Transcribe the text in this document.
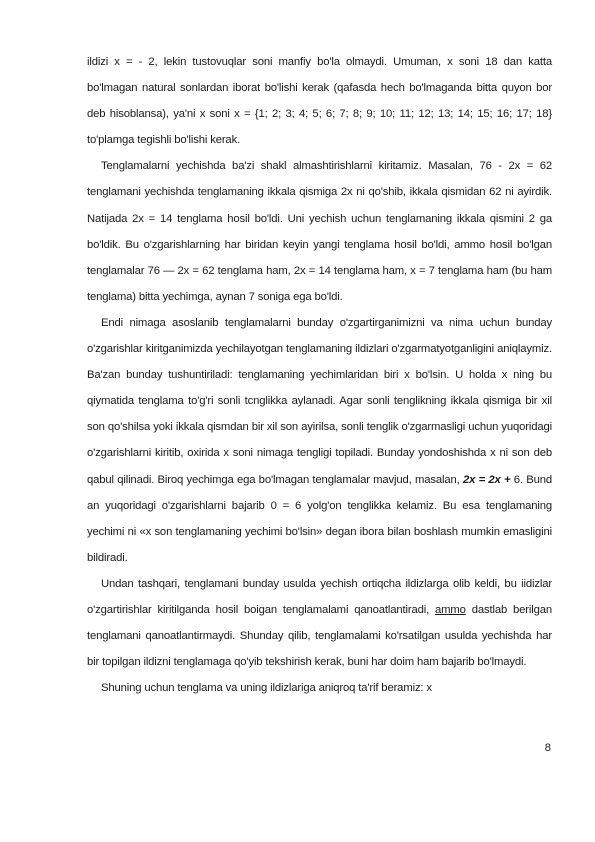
ildizi x = - 2, lekin tustovuqlar soni manfiy bo'la olmaydi. Umuman, x soni 18 dan katta bo'lmagan natural sonlardan iborat bo'lishi kerak (qafasda hech bo'lmaganda bitta quyon bor deb hisoblansa), ya'ni x soni x = {1; 2; 3; 4; 5; 6; 7; 8; 9; 10; 11; 12; 13; 14; 15; 16; 17; 18} to'plamga tegishli bo'lishi kerak.

Tenglamalarni yechishda ba'zi shakl almashtirishlarni kiritamiz. Masalan, 76 - 2x = 62 tenglamani yechishda tenglamaning ikkala qismiga 2x ni qo'shib, ikkala qismidan 62 ni ayirdik. Natijada 2x = 14 tenglama hosil bo'ldi. Uni yechish uchun tenglamaning ikkala qismini 2 ga bo'ldik. Bu o'zgarishlarning har biridan keyin yangi tenglama hosil bo'ldi, ammo hosil bo'lgan tenglamalar 76 — 2x = 62 tenglama ham, 2x = 14 tenglama ham, x = 7 tenglama ham (bu ham tenglama) bitta yechimga, aynan 7 soniga ega bo'ldi.

Endi nimaga asoslanib tenglamalarni bunday o'zgartirganimizni va nima uchun bunday o'zgarishlar kiritganimizda yechilayotgan tenglamaning ildizlari o'zgarmatyotganligini aniqlaymiz. Ba'zan bunday tushuntiriladi: tenglamaning yechimlaridan biri x bo'lsin. U holda x ning bu qiymatida tenglama to'g'ri sonli tcnglikka aylanadi. Agar sonli tenglikning ikkala qismiga bir xil son qo'shilsa yoki ikkala qismdan bir xil son ayirilsa, sonli tenglik o'zgarmasligi uchun yuqoridagi o'zgarishlarni kiritib, oxirida x soni nimaga tengligi topiladi. Bunday yondoshishda x ni son deb qabul qilinadi. Biroq yechimga ega bo'lmagan tenglamalar mavjud, masalan, 2x = 2x + 6. Bund an yuqoridagi o'zgarishlarni bajarib 0 = 6 yolg'on tenglikka kelamiz. Bu esa tenglamaning yechimi ni «x son tenglamaning yechimi bo'lsin» degan ibora bilan boshlash mumkin emasligini bildiradi.

Undan tashqari, tenglamani bunday usulda yechish ortiqcha ildizlarga olib keldi, bu iidizlar o'zgartirishlar kiritilganda hosil boigan tenglamalami qanoatlantiradi, ammo dastlab berilgan tenglamani qanoatlantirmaydi. Shunday qilib, tenglamalami ko'rsatilgan usulda yechishda har bir topilgan ildizni tenglamaga qo'yib tekshirish kerak, buni har doim ham bajarib bo'lmaydi.

Shuning uchun tenglama va uning ildizlariga aniqroq ta'rif beramiz: x

8
